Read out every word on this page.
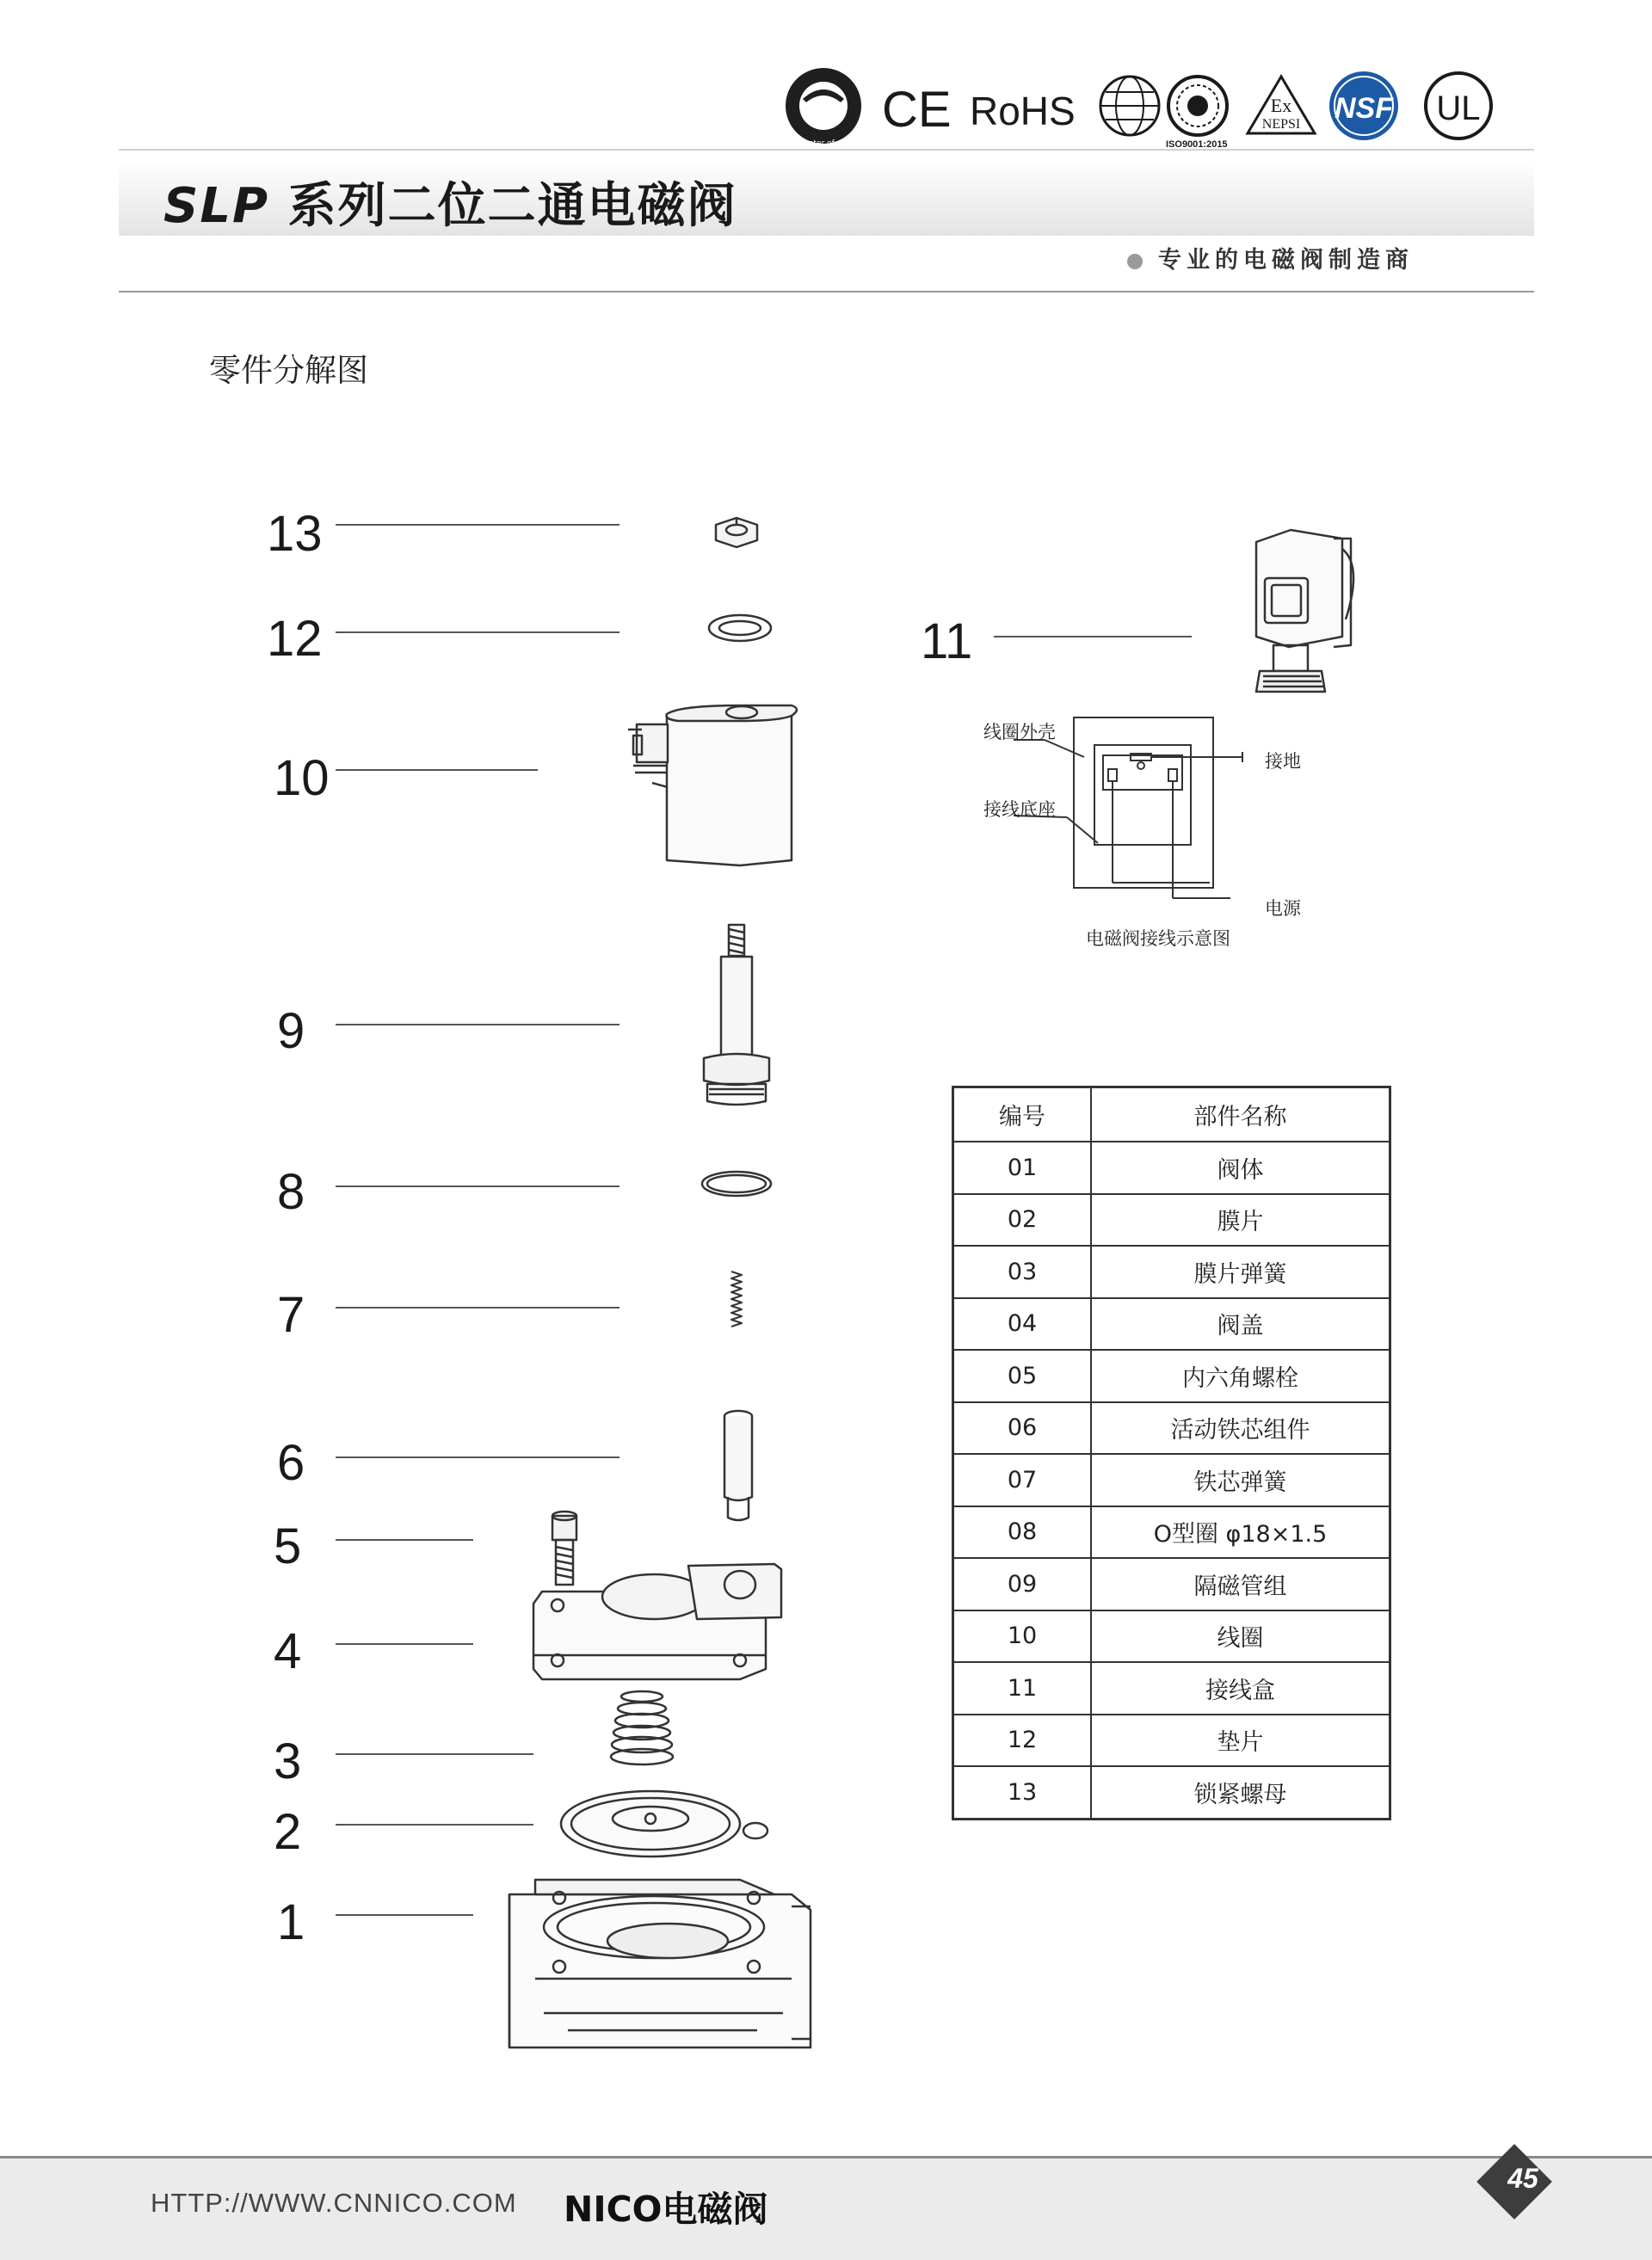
SLP 系列二位二通电磁阀
专业的电磁阀制造商
Barometer of quality
CE RoHS
ISO9001:2015
Ex
NEPSI NSF UL
零件分解图
13
12	11
10
9
8
7
6
5
4
3
2
1
线圈外壳
接线底座
接地
电源
电磁阀接线示意图
编号	部件名称
01	阀体
02	膜片
03	膜片弹簧
04	阀盖
05	内六角螺栓
06	活动铁芯组件
07	铁芯弹簧
08	O型圈 φ18×1.5
09	隔磁管组
10	线圈
11	接线盒
12	垫片
13	锁紧螺母
HTTP://WWW.CNNICO.COM NICO电磁阀
45
